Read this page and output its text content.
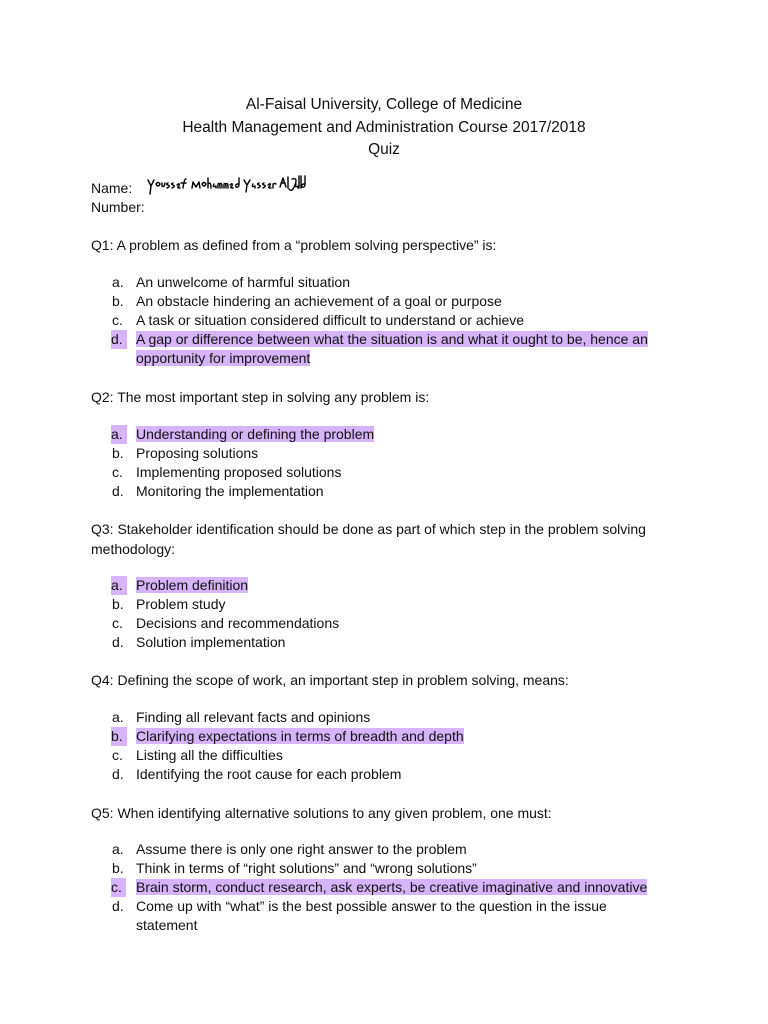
Al-Faisal University, College of Medicine
Health Management and Administration Course 2017/2018
Quiz
Name:
Number:
Q1: A problem as defined from a “problem solving perspective” is:
a. An unwelcome of harmful situation
b. An obstacle hindering an achievement of a goal or purpose
c. A task or situation considered difficult to understand or achieve
d. A gap or difference between what the situation is and what it ought to be, hence an opportunity for improvement
Q2: The most important step in solving any problem is:
a. Understanding or defining the problem
b. Proposing solutions
c. Implementing proposed solutions
d. Monitoring the implementation
Q3: Stakeholder identification should be done as part of which step in the problem solving methodology:
a. Problem definition
b. Problem study
c. Decisions and recommendations
d. Solution implementation
Q4: Defining the scope of work, an important step in problem solving, means:
a. Finding all relevant facts and opinions
b. Clarifying expectations in terms of breadth and depth
c. Listing all the difficulties
d. Identifying the root cause for each problem
Q5: When identifying alternative solutions to any given problem, one must:
a. Assume there is only one right answer to the problem
b. Think in terms of “right solutions” and “wrong solutions”
c. Brain storm, conduct research, ask experts, be creative imaginative and innovative
d. Come up with “what” is the best possible answer to the question in the issue statement
